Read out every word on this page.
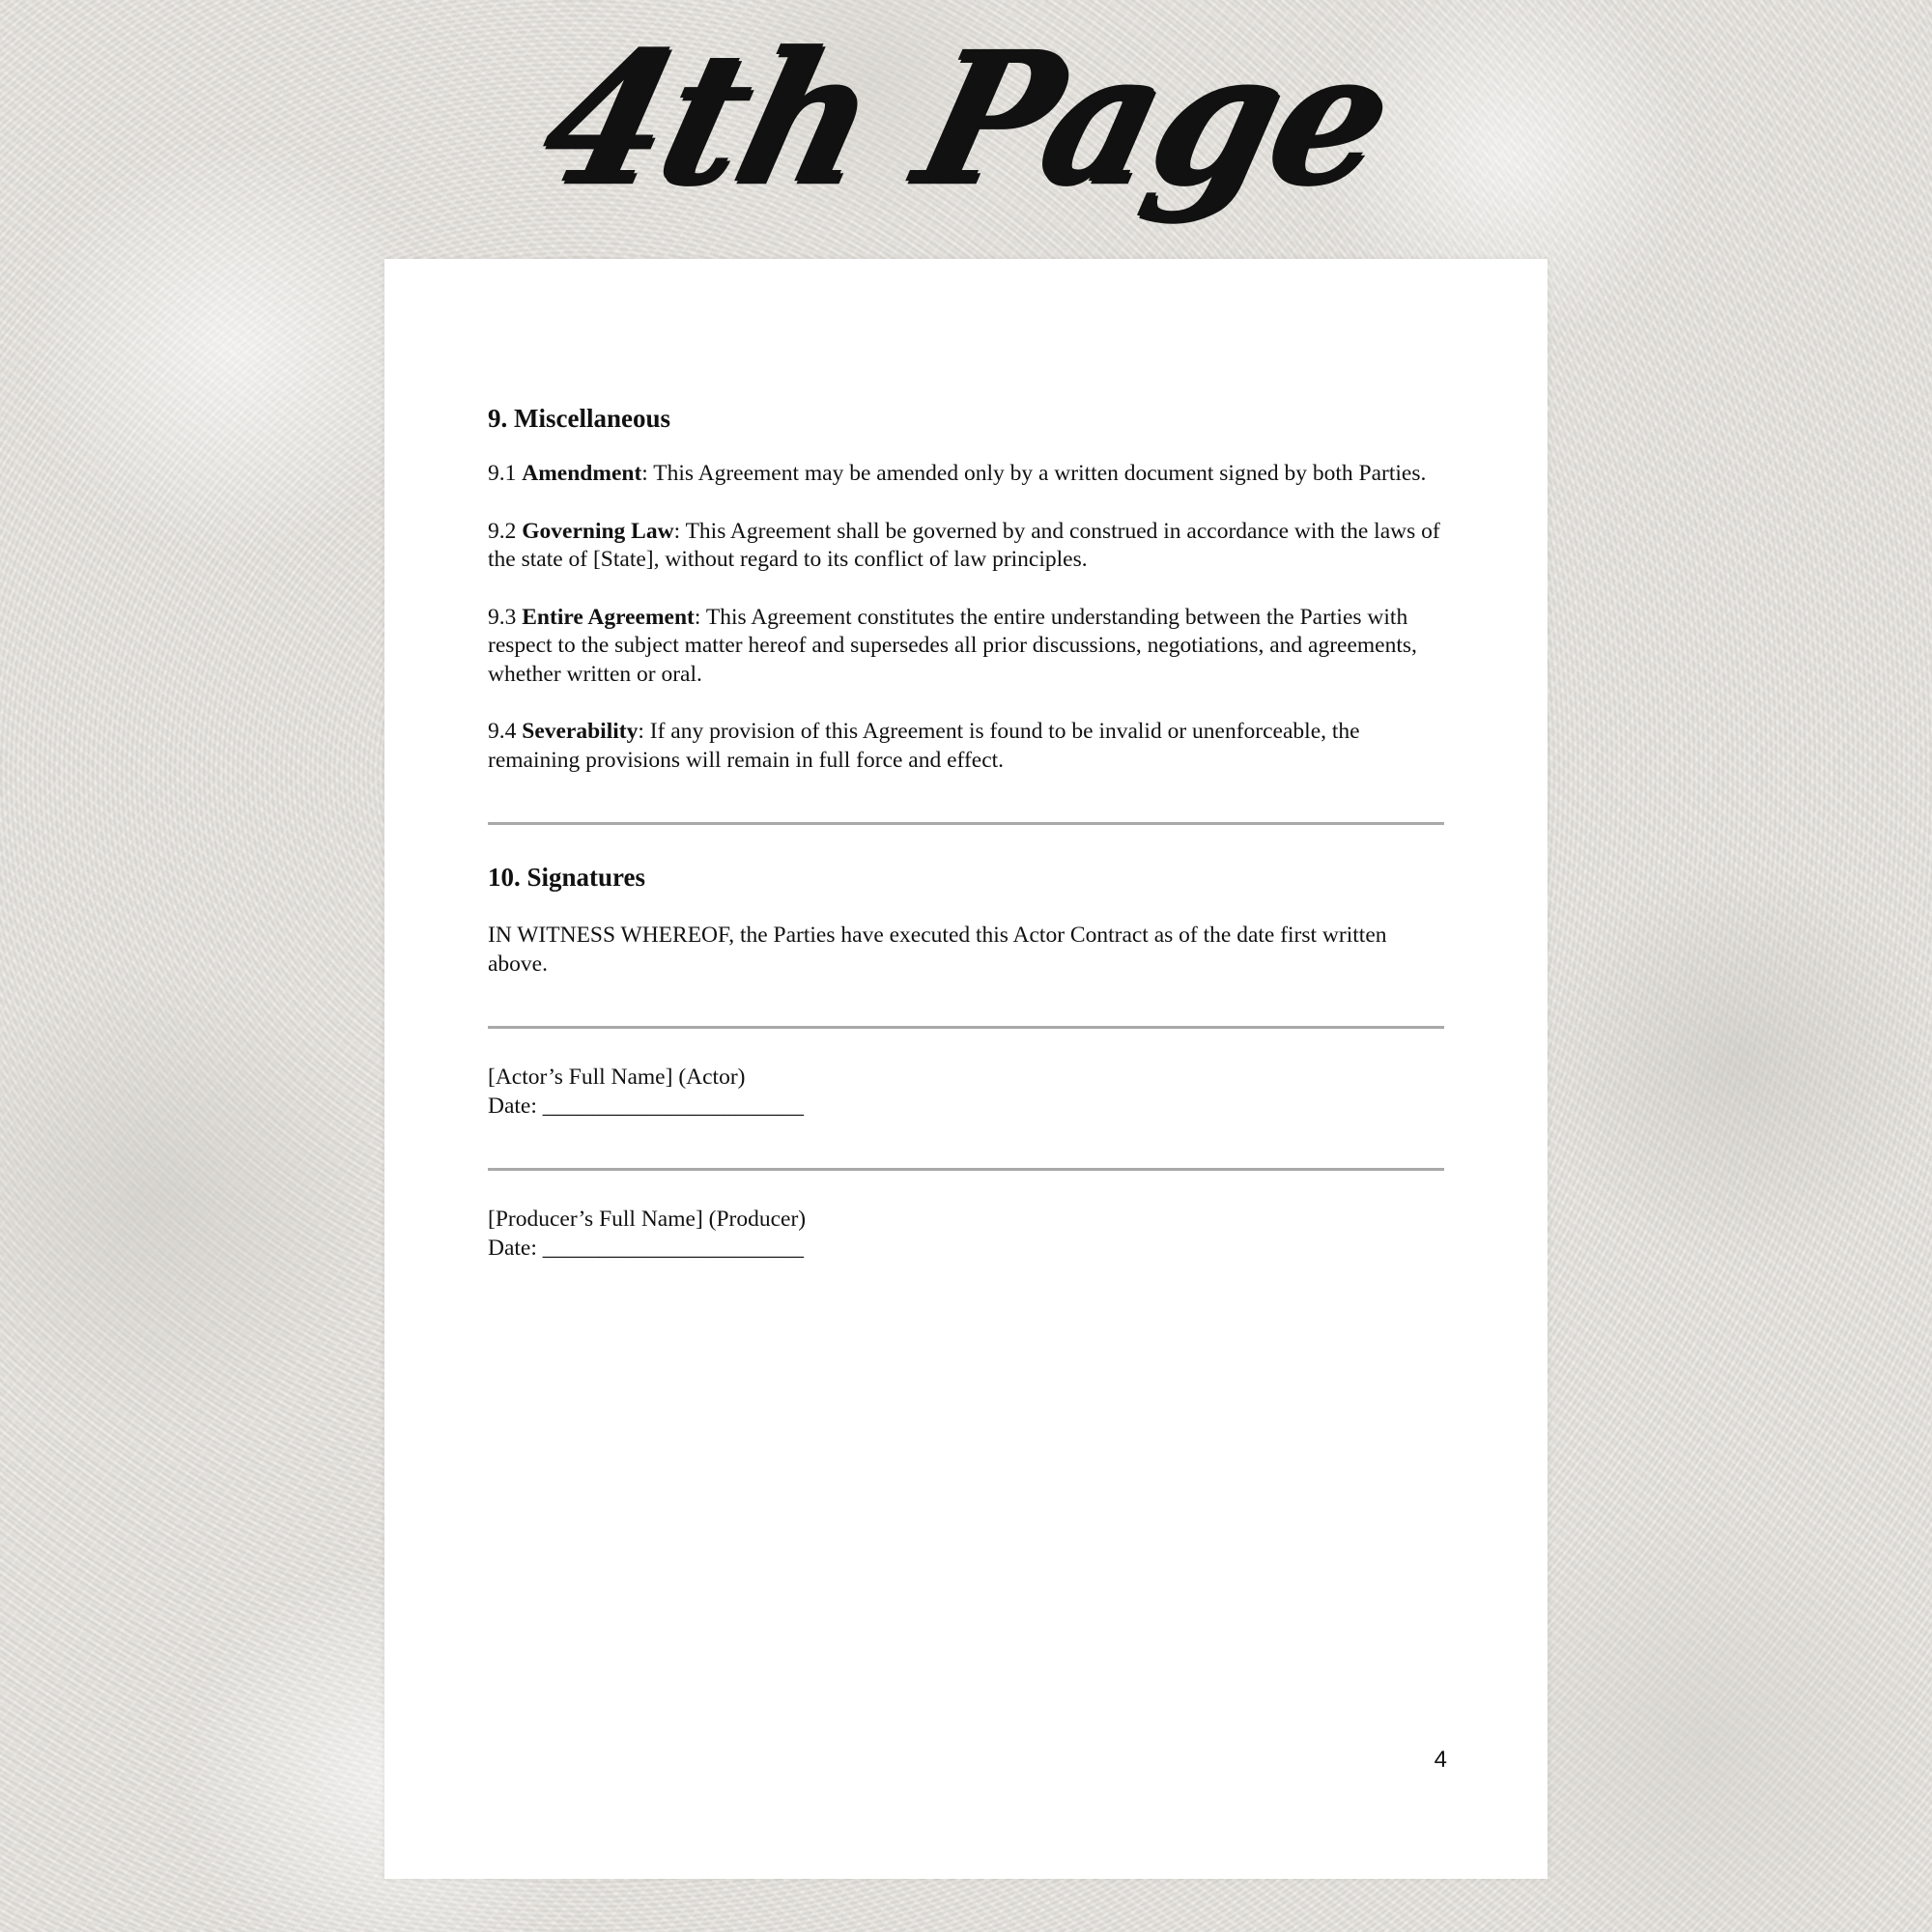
4th Page
9. Miscellaneous
9.1 Amendment: This Agreement may be amended only by a written document signed by both Parties.
9.2 Governing Law: This Agreement shall be governed by and construed in accordance with the laws of the state of [State], without regard to its conflict of law principles.
9.3 Entire Agreement: This Agreement constitutes the entire understanding between the Parties with respect to the subject matter hereof and supersedes all prior discussions, negotiations, and agreements, whether written or oral.
9.4 Severability: If any provision of this Agreement is found to be invalid or unenforceable, the remaining provisions will remain in full force and effect.
10. Signatures
IN WITNESS WHEREOF, the Parties have executed this Actor Contract as of the date first written above.
[Actor’s Full Name] (Actor)
Date: _______________________
[Producer’s Full Name] (Producer)
Date: _______________________
4
